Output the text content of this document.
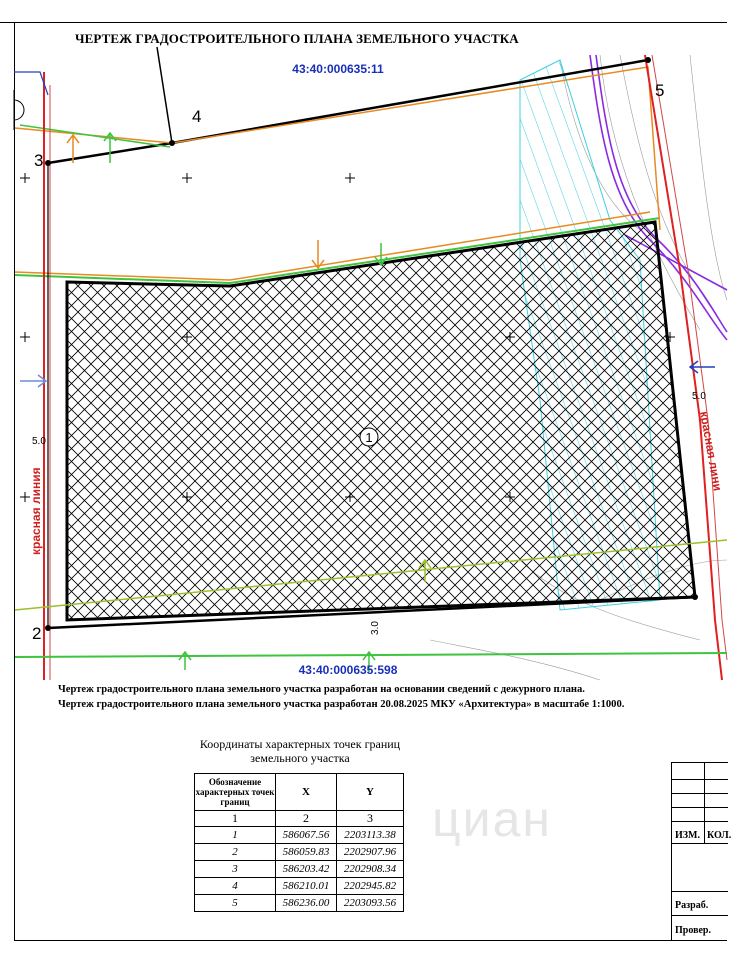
ЧЕРТЕЖ ГРАДОСТРОИТЕЛЬНОГО ПЛАНА ЗЕМЕЛЬНОГО УЧАСТКА
1
43:40:000635:11
43:40:000635:598
2
3
4
5
5.0
5.0
3.0
красная линия
красная лини
Чертеж градостроительного плана земельного участка разработан на основании сведений с дежурного плана.
Чертеж градостроительного плана земельного участка разработан 20.08.2025 МКУ «Архитектура» в масштабе 1:1000.
Координаты характерных точек границ
земельного участка
Обозначение характерных точек границ	X	Y
1	2	3
1	586067.56	2203113.38
2	586059.83	2202907.96
3	586203.42	2202908.34
4	586210.01	2202945.82
5	586236.00	2203093.56
циан	ИЗМ. КОЛ.
Разраб.
Провер.
